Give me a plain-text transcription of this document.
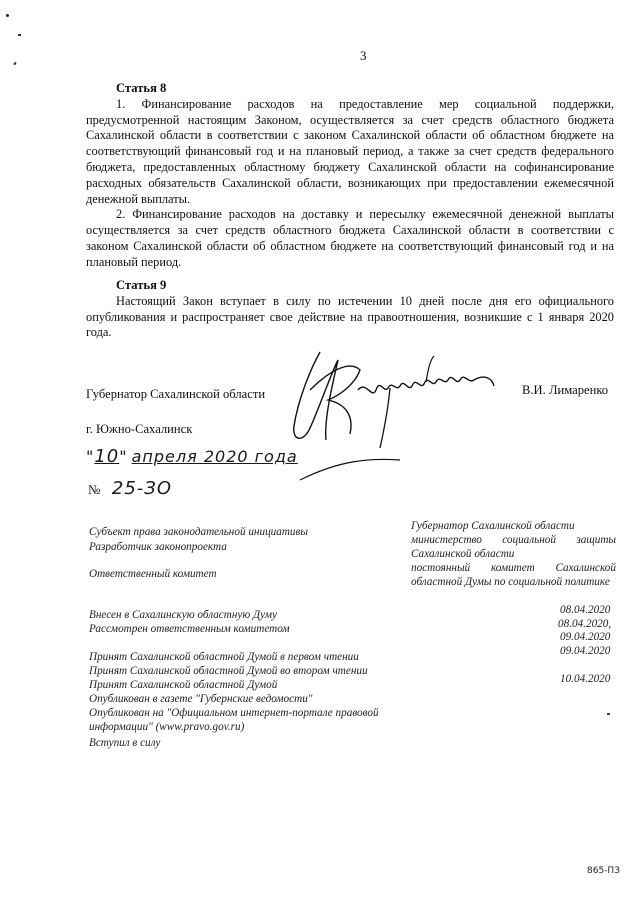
3
Статья 8

1. Финансирование расходов на предоставление мер социальной поддержки, предусмотренной настоящим Законом, осуществляется за счет средств областного бюджета Сахалинской области в соответствии с законом Сахалинской области об областном бюджете на соответствующий финансовый год и на плановый период, а также за счет средств федерального бюджета, предоставленных областному бюджету Сахалинской области на софинансирование расходных обязательств Сахалинской области, возникающих при предоставлении ежемесячной денежной выплаты.

2. Финансирование расходов на доставку и пересылку ежемесячной денежной выплаты осуществляется за счет средств областного бюджета Сахалинской области в соответствии с законом Сахалинской области об областном бюджете на соответствующий финансовый год и на плановый период.

Статья 9

Настоящий Закон вступает в силу по истечении 10 дней после дня его официального опубликования и распространяет свое действие на правоотношения, возникшие с 1 января 2020 года.

Губернатор Сахалинской области	В.И. Лимаренко
г. Южно-Сахалинск
"10" апреля 2020 года
№ 25-ЗО
Субъект права законодательной инициативы
Разработчик законопроекта
Ответственный комитет
Внесен в Сахалинскую областную Думу
Рассмотрен ответственным комитетом
Принят Сахалинской областной Думой в первом чтении
Принят Сахалинской областной Думой во втором чтении
Принят Сахалинской областной Думой
Опубликован в газете "Губернские ведомости"
Опубликован на "Официальном интернет-портале правовой информации" (www.pravo.gov.ru)
Вступил в силу
Губернатор Сахалинской области
министерство социальной защиты Сахалинской области
постоянный комитет Сахалинской областной Думы по социальной политике
08.04.2020
08.04.2020,
09.04.2020
09.04.2020
10.04.2020
865-ПЗ
